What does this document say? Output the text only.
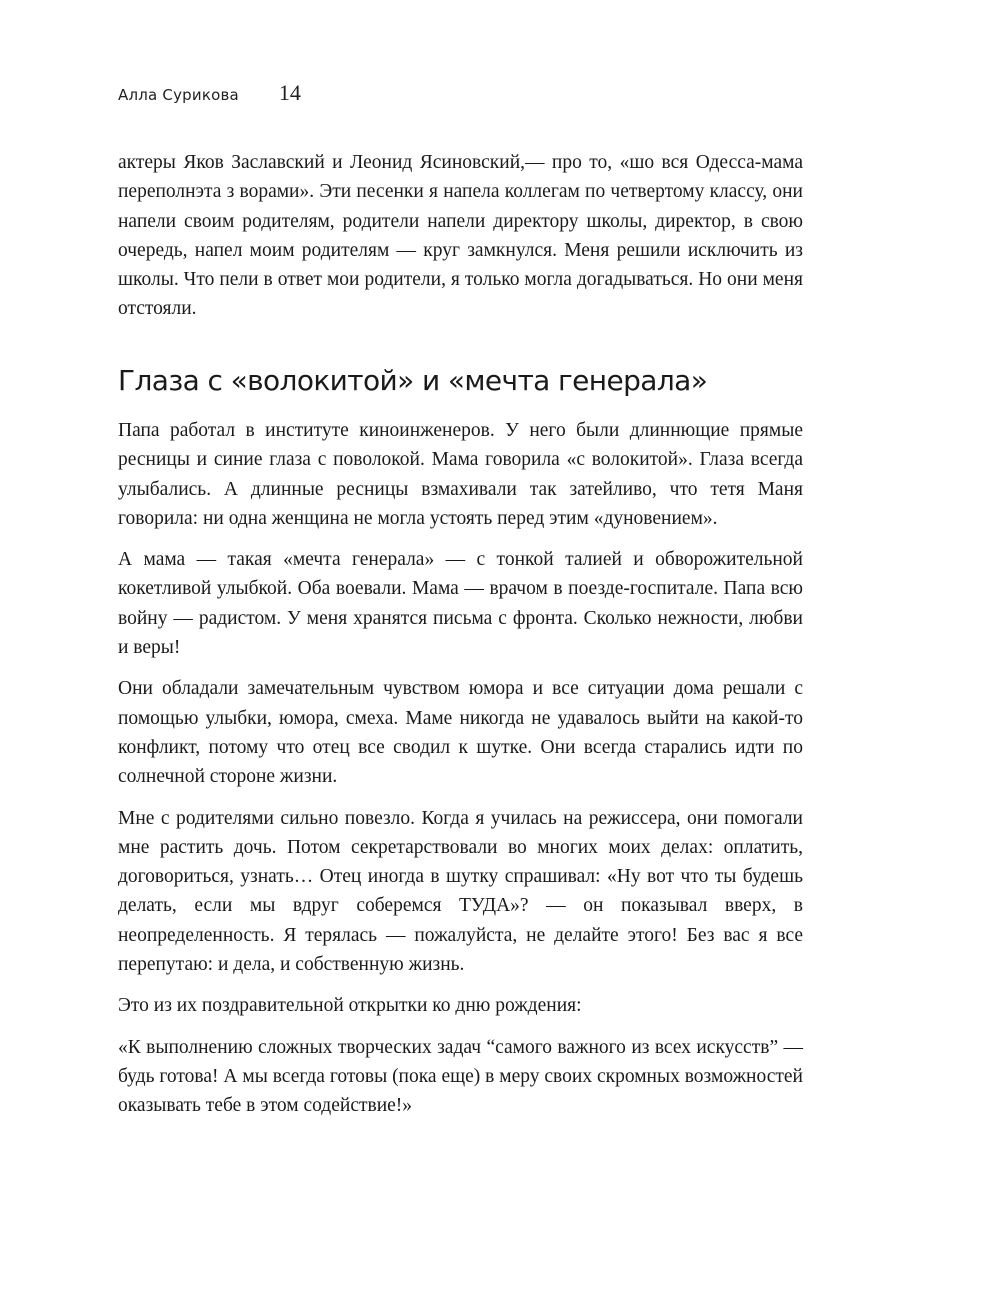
Алла Сурикова 14

актеры Яков Заславский и Леонид Ясиновский,— про то, «шо вся Одесса-мама переполнэта з ворами». Эти песенки я напела коллегам по четвертому классу, они напели своим родителям, родители напели директору школы, директор, в свою очередь, напел моим родителям — круг замкнулся. Меня решили исключить из школы. Что пели в ответ мои родители, я только могла догадываться. Но они меня отстояли.

Глаза с «волокитой» и «мечта генерала»

Папа работал в институте киноинженеров. У него были длиннющие прямые ресницы и синие глаза с поволокой. Мама говорила «с волокитой». Глаза всегда улыбались. А длинные ресницы взмахивали так затейливо, что тетя Маня говорила: ни одна женщина не могла устоять перед этим «дуновением».

А мама — такая «мечта генерала» — с тонкой талией и обворожительной кокетливой улыбкой. Оба воевали. Мама — врачом в поезде-госпитале. Папа всю войну — радистом. У меня хранятся письма с фронта. Сколько нежности, любви и веры!

Они обладали замечательным чувством юмора и все ситуации дома решали с помощью улыбки, юмора, смеха. Маме никогда не удавалось выйти на какой-то конфликт, потому что отец все сводил к шутке. Они всегда старались идти по солнечной стороне жизни.

Мне с родителями сильно повезло. Когда я училась на режиссера, они помогали мне растить дочь. Потом секретарствовали во многих моих делах: оплатить, договориться, узнать… Отец иногда в шутку спрашивал: «Ну вот что ты будешь делать, если мы вдруг соберемся ТУДА»? — он показывал вверх, в неопределенность. Я терялась — пожалуйста, не делайте этого! Без вас я все перепутаю: и дела, и собственную жизнь.

Это из их поздравительной открытки ко дню рождения:

«К выполнению сложных творческих задач “самого важного из всех искусств” — будь готова! А мы всегда готовы (пока еще) в меру своих скромных возможностей оказывать тебе в этом содействие!»
